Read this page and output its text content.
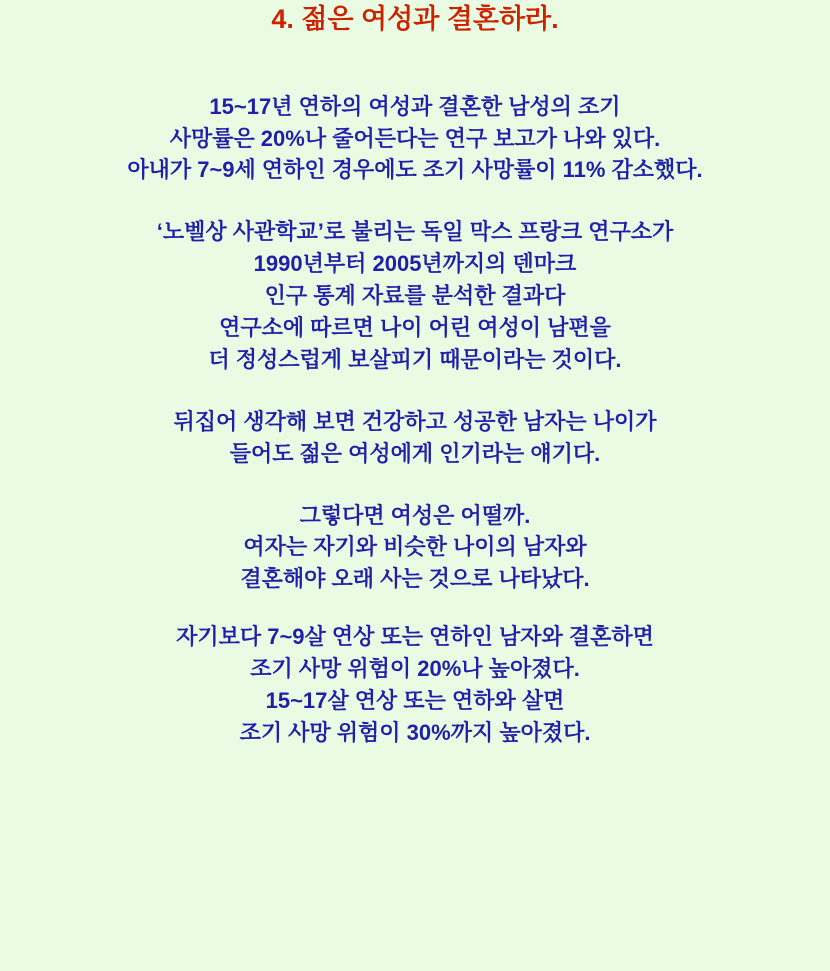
4. 젊은 여성과 결혼하라.
15~17년 연하의 여성과 결혼한 남성의 조기
사망률은 20%나 줄어든다는 연구 보고가 나와 있다.
아내가 7~9세 연하인 경우에도 조기 사망률이 11% 감소했다.
‘노벨상 사관학교’로 불리는 독일 막스 프랑크 연구소가
1990년부터 2005년까지의 덴마크
인구 통계 자료를 분석한 결과다
연구소에 따르면 나이 어린 여성이 남편을
더 정성스럽게 보살피기 때문이라는 것이다.
뒤집어 생각해 보면 건강하고 성공한 남자는 나이가
들어도 젊은 여성에게 인기라는 얘기다.
그렇다면 여성은 어떨까.
여자는 자기와 비슷한 나이의 남자와
결혼해야 오래 사는 것으로 나타났다.
자기보다 7~9살 연상 또는 연하인 남자와 결혼하면
조기 사망 위험이 20%나 높아졌다.
15~17살 연상 또는 연하와 살면
조기 사망 위험이 30%까지 높아졌다.
